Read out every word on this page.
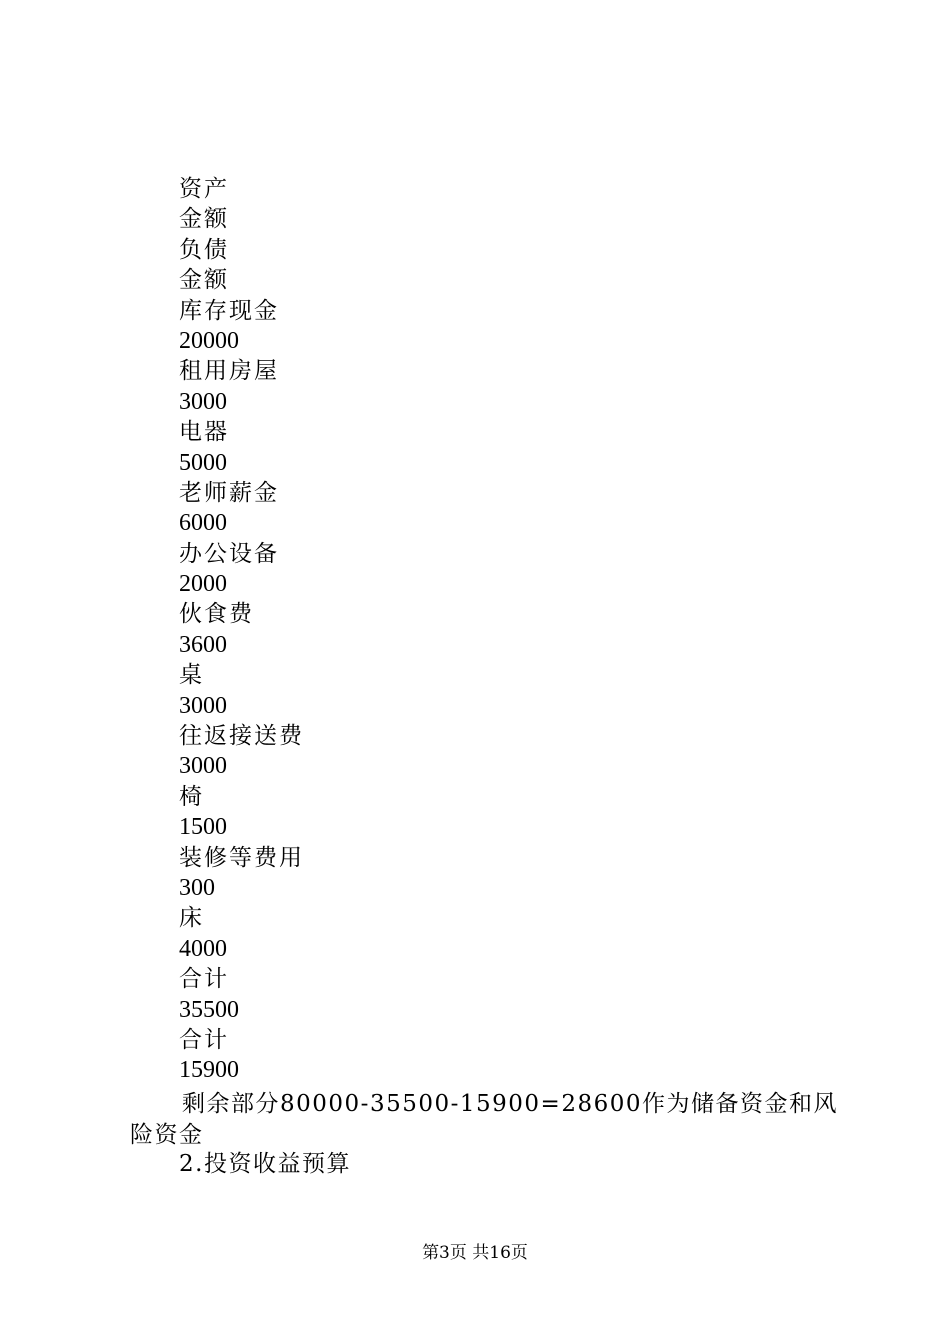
资产
金额
负债
金额
库存现金
20000
租用房屋
3000
电器
5000
老师薪金
6000
办公设备
2000
伙食费
3600
桌
3000
往返接送费
3000
椅
1500
装修等费用
300
床
4000
合计
35500
合计
15900

剩余部分80000-35500-15900=28600作为储备资金和风险资金

2.投资收益预算

第3页 共16页
